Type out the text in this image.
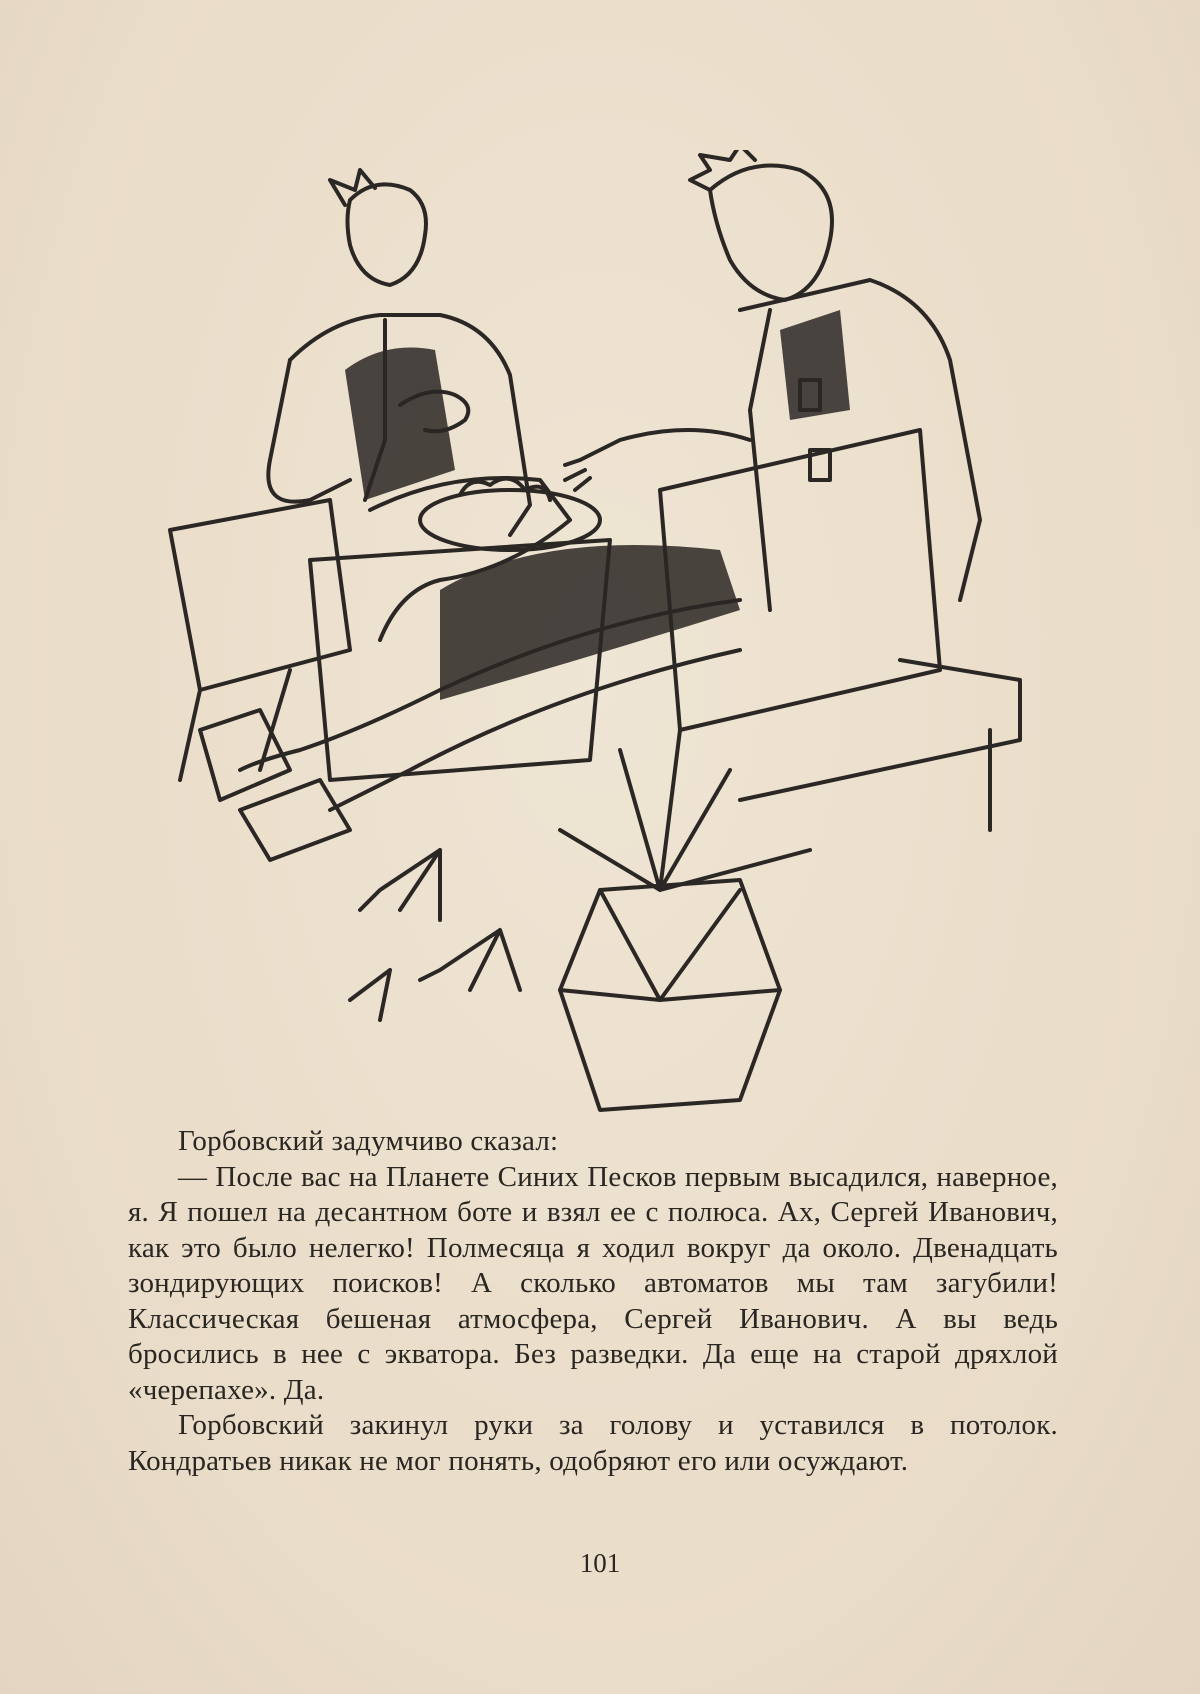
Горбовский задумчиво сказал:

— После вас на Планете Синих Песков первым высадился, наверное, я. Я пошел на десантном боте и взял ее с полюса. Ах, Сергей Иванович, как это было нелегко! Полмесяца я ходил вокруг да около. Двенадцать зондирующих поисков! А сколько автоматов мы там загубили! Классическая бешеная атмосфера, Сергей Иванович. А вы ведь бросились в нее с экватора. Без разведки. Да еще на старой дряхлой «черепахе». Да.

Горбовский закинул руки за голову и уставился в потолок. Кондратьев никак не мог понять, одобряют его или осуждают.

101
